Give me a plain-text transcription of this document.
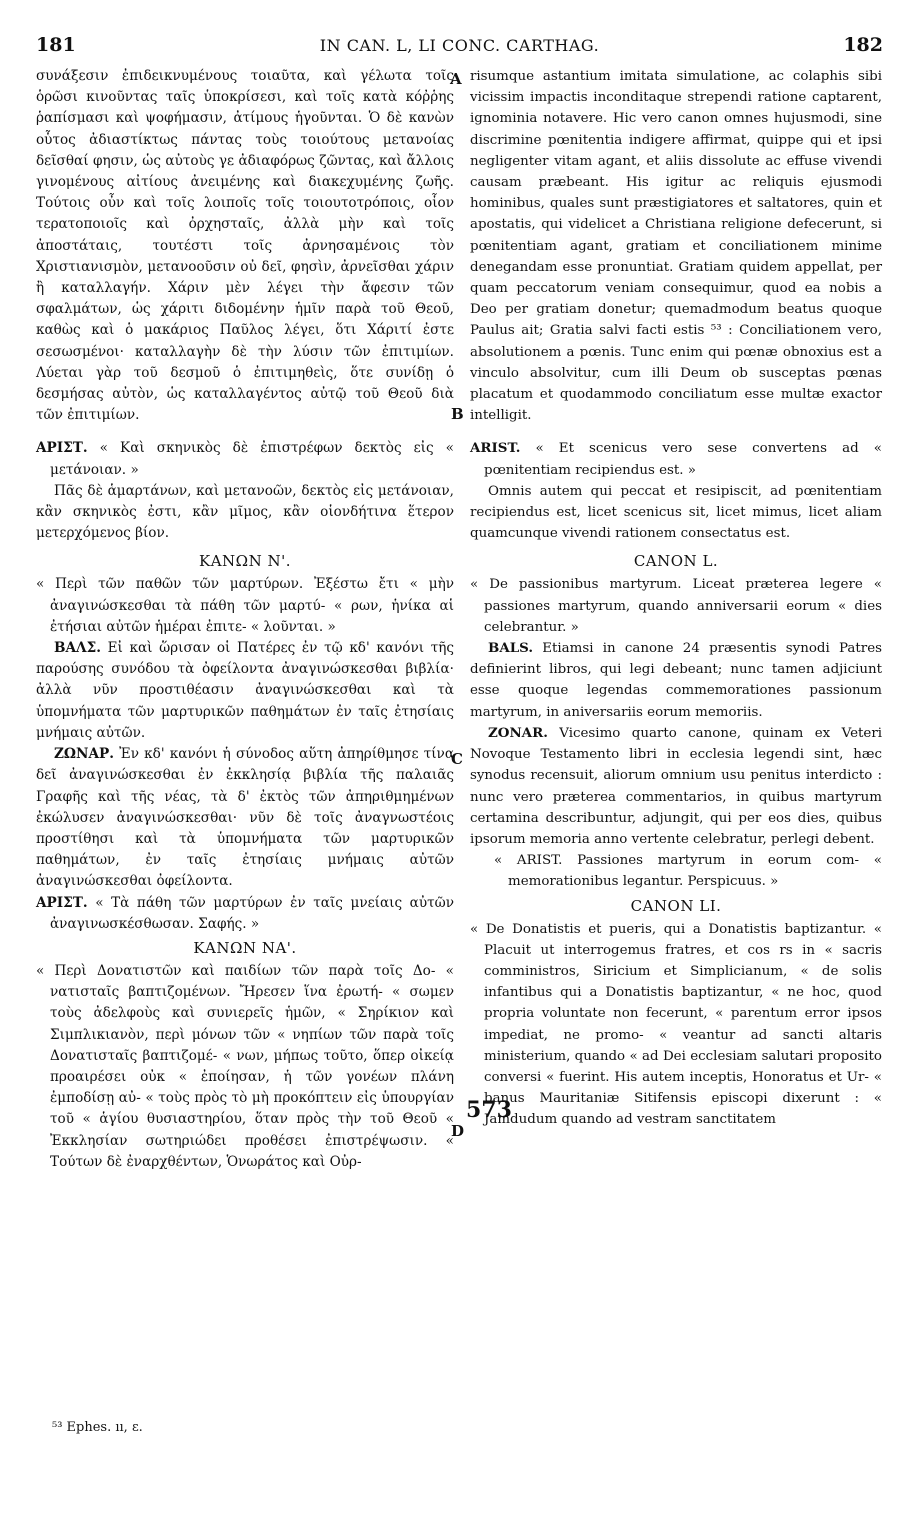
181	IN CAN. L, LI CONC. CARTHAG.	182
A
B
C
D
573

συνάξεσιν ἐπιδεικνυμένους τοιαῦτα, καὶ γέλωτα τοῖς ὁρῶσι κινοῦντας ταῖς ὑποκρίσεσι, καὶ τοῖς κατὰ κόῤῥης ῥαπίσμασι καὶ ψοφήμασιν, ἀτίμους ἡγοῦνται. Ὁ δὲ κανὼν οὗτος ἀδιαστίκτως πάντας τοὺς τοιούτους μετανοίας δεῖσθαί φησιν, ὡς αὐτοὺς γε ἀδιαφόρως ζῶντας, καὶ ἄλλοις γινομένους αἰτίους ἀνειμένης καὶ διακεχυμένης ζωῆς. Τούτοις οὖν καὶ τοῖς λοιποῖς τοῖς τοιουτοτρόποις, οἷον τερατοποιοῖς καὶ ὀρχησταῖς, ἀλλὰ μὴν καὶ τοῖς ἀποστάταις, τουτέστι τοῖς ἀρνησαμένοις τὸν Χριστιανισμὸν, μετανοοῦσιν οὐ δεῖ, φησὶν, ἀρνεῖσθαι χάριν ἢ καταλλαγήν. Χάριν μὲν λέγει τὴν ἄφεσιν τῶν σφαλμάτων, ὡς χάριτι διδομένην ἡμῖν παρὰ τοῦ Θεοῦ, καθὼς καὶ ὁ μακάριος Παῦλος λέγει, ὅτι Χάριτί ἐστε σεσωσμένοι· καταλλαγὴν δὲ τὴν λύσιν τῶν ἐπιτιμίων. Λύεται γὰρ τοῦ δεσμοῦ ὁ ἐπιτιμηθεὶς, ὅτε συνίδῃ ὁ δεσμήσας αὐτὸν, ὡς καταλλαγέντος αὐτῷ τοῦ Θεοῦ διὰ τῶν ἐπιτιμίων.

ΑΡΙΣΤ. « Καὶ σκηνικὸς δὲ ἐπιστρέφων δεκτὸς εἰς « μετάνοιαν. »

Πᾶς δὲ ἁμαρτάνων, καὶ μετανοῶν, δεκτὸς εἰς μετάνοιαν, κἂν σκηνικὸς ἐστι, κἂν μῖμος, κἂν οἱονδήτινα ἕτερον μετερχόμενος βίον.

ΚΑΝΩΝ Ν'.

« Περὶ τῶν παθῶν τῶν μαρτύρων. Ἐξέστω ἔτι « μὴν ἀναγινώσκεσθαι τὰ πάθη τῶν μαρτύ- « ρων, ἡνίκα αἱ ἐτήσιαι αὐτῶν ἡμέραι ἐπιτε- « λοῦνται. »

ΒΑΛΣ. Εἰ καὶ ὥρισαν οἱ Πατέρες ἐν τῷ κδ' κανόνι τῆς παρούσης συνόδου τὰ ὀφείλοντα ἀναγινώσκεσθαι βιβλία· ἀλλὰ νῦν προστιθέασιν ἀναγινώσκεσθαι καὶ τὰ ὑπομνήματα τῶν μαρτυρικῶν παθημάτων ἐν ταῖς ἐτησίαις μνήμαις αὐτῶν.

ΖΩΝΑΡ. Ἐν κδ' κανόνι ἡ σύνοδος αὕτη ἀπηρίθμησε τίνα δεῖ ἀναγινώσκεσθαι ἐν ἐκκλησίᾳ βιβλία τῆς παλαιᾶς Γραφῆς καὶ τῆς νέας, τὰ δ' ἐκτὸς τῶν ἀπηριθμημένων ἐκώλυσεν ἀναγινώσκεσθαι· νῦν δὲ τοῖς ἀναγνωστέοις προστίθησι καὶ τὰ ὑπομνήματα τῶν μαρτυρικῶν παθημάτων, ἐν ταῖς ἐτησίαις μνήμαις αὐτῶν ἀναγινώσκεσθαι ὀφείλοντα.

ΑΡΙΣΤ. « Τὰ πάθη τῶν μαρτύρων ἐν ταῖς μνείαις αὐτῶν ἀναγινωσκέσθωσαν. Σαφής. »

ΚΑΝΩΝ ΝΑ'.

« Περὶ Δονατιστῶν καὶ παιδίων τῶν παρὰ τοῖς Δο- « νατισταῖς βαπτιζομένων. Ἤρεσεν ἵνα ἐρωτή- « σωμεν τοὺς ἀδελφοὺς καὶ συνιερεῖς ἡμῶν, « Σηρίκιον καὶ Σιμπλικιανὸν, περὶ μόνων τῶν « νηπίων τῶν παρὰ τοῖς Δονατισταῖς βαπτιζομέ- « νων, μήπως τοῦτο, ὅπερ οἰκείᾳ προαιρέσει οὐκ « ἐποίησαν, ἡ τῶν γονέων πλάνη ἐμποδίσῃ αὐ- « τοὺς πρὸς τὸ μὴ προκόπτειν εἰς ὑπουργίαν τοῦ « ἁγίου θυσιαστηρίου, ὅταν πρὸς τὴν τοῦ Θεοῦ « Ἐκκλησίαν σωτηριώδει προθέσει ἐπιστρέψωσιν. « Τούτων δὲ ἐναρχθέντων, Ὁνωράτος καὶ Οὐρ-

risumque astantium imitata simulatione, ac colaphis sibi vicissim impactis inconditaque strependi ratione captarent, ignominia notavere. Hic vero canon omnes hujusmodi, sine discrimine pœnitentia indigere affirmat, quippe qui et ipsi negligenter vitam agant, et aliis dissolute ac effuse vivendi causam præbeant. His igitur ac reliquis ejusmodi hominibus, quales sunt præstigiatores et saltatores, quin et apostatis, qui videlicet a Christiana religione defecerunt, si pœnitentiam agant, gratiam et conciliationem minime denegandam esse pronuntiat. Gratiam quidem appellat, per quam peccatorum veniam consequimur, quod ea nobis a Deo per gratiam donetur; quemadmodum beatus quoque Paulus ait; Gratia salvi facti estis ⁵³ : Conciliationem vero, absolutionem a pœnis. Tunc enim qui pœnæ obnoxius est a vinculo absolvitur, cum illi Deum ob susceptas pœnas placatum et quodammodo conciliatum esse multæ exactor intelligit.

ARIST. « Et scenicus vero sese convertens ad « pœnitentiam recipiendus est. »

Omnis autem qui peccat et resipiscit, ad pœnitentiam recipiendus est, licet scenicus sit, licet mimus, licet aliam quamcunque vivendi rationem consectatus est.

CANON L.

« De passionibus martyrum. Liceat præterea legere « passiones martyrum, quando anniversarii eorum « dies celebrantur. »

BALS. Etiamsi in canone 24 præsentis synodi Patres definierint libros, qui legi debeant; nunc tamen adjiciunt esse quoque legendas commemorationes passionum martyrum, in aniversariis eorum memoriis.

ZONAR. Vicesimo quarto canone, quinam ex Veteri Novoque Testamento libri in ecclesia legendi sint, hæc synodus recensuit, aliorum omnium usu penitus interdicto : nunc vero præterea commentarios, in quibus martyrum certamina describuntur, adjungit, qui per eos dies, quibus ipsorum memoria anno vertente celebratur, perlegi debent.

« ARIST. Passiones martyrum in eorum com- « memorationibus legantur. Perspicuus. »

CANON LI.

« De Donatistis et pueris, qui a Donatistis baptizantur. « Placuit ut interrogemus fratres, et cos rs in « sacris comministros, Siricium et Simplicianum, « de solis infantibus qui a Donatistis baptizantur, « ne hoc, quod propria voluntate non fecerunt, « parentum error ipsos impediat, ne promo- « veantur ad sancti altaris ministerium, quando « ad Dei ecclesiam salutari proposito conversi « fuerint. His autem inceptis, Honoratus et Ur- « banus Mauritaniæ Sitifensis episcopi dixerunt : « Jamdudum quando ad vestram sanctitatem

⁵³ Ephes. ıı, ɛ.
